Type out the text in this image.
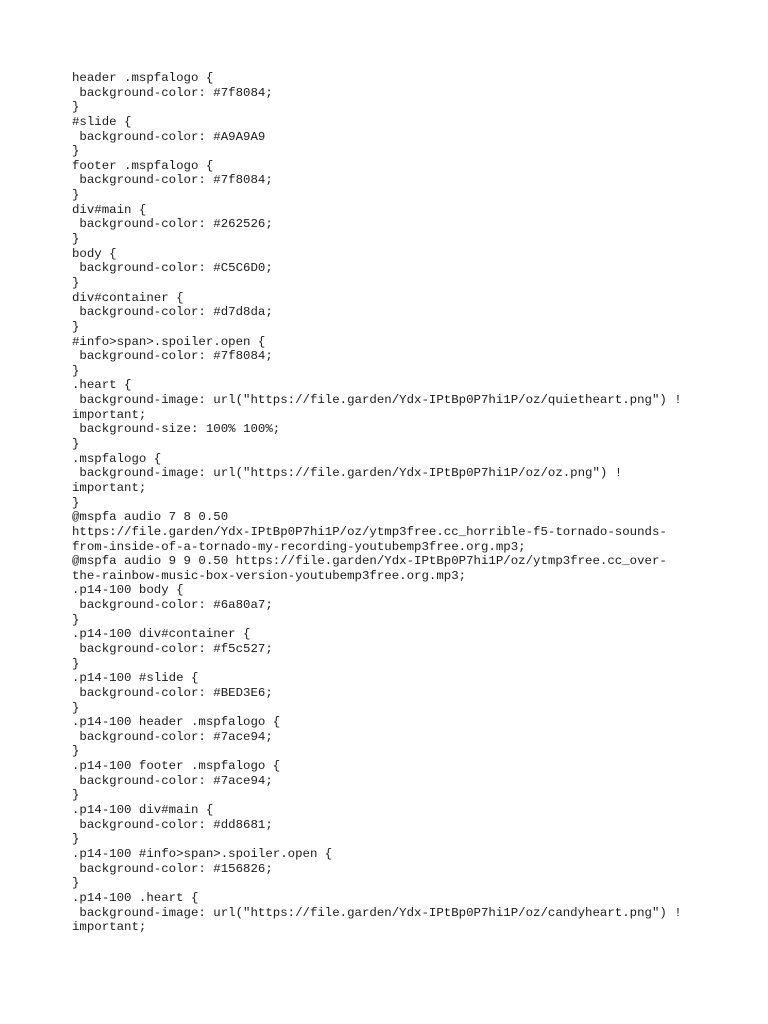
header .mspfalogo {
background-color: #7f8084;
}
#slide {
background-color: #A9A9A9
}
footer .mspfalogo {
background-color: #7f8084;
}
div#main {
background-color: #262526;
}
body {
background-color: #C5C6D0;
}
div#container {
background-color: #d7d8da;
}
#info>span>.spoiler.open {
background-color: #7f8084;
}
.heart {
background-image: url("https://file.garden/Ydx-IPtBp0P7hi1P/oz/quietheart.png") !
important;
background-size: 100% 100%;
}
.mspfalogo {
background-image: url("https://file.garden/Ydx-IPtBp0P7hi1P/oz/oz.png") !
important;
}
@mspfa audio 7 8 0.50
https://file.garden/Ydx-IPtBp0P7hi1P/oz/ytmp3free.cc_horrible-f5-tornado-sounds-
from-inside-of-a-tornado-my-recording-youtubemp3free.org.mp3;
@mspfa audio 9 9 0.50 https://file.garden/Ydx-IPtBp0P7hi1P/oz/ytmp3free.cc_over-
the-rainbow-music-box-version-youtubemp3free.org.mp3;
.p14-100 body {
background-color: #6a80a7;
}
.p14-100 div#container {
background-color: #f5c527;
}
.p14-100 #slide {
background-color: #BED3E6;
}
.p14-100 header .mspfalogo {
background-color: #7ace94;
}
.p14-100 footer .mspfalogo {
background-color: #7ace94;
}
.p14-100 div#main {
background-color: #dd8681;
}
.p14-100 #info>span>.spoiler.open {
background-color: #156826;
}
.p14-100 .heart {
background-image: url("https://file.garden/Ydx-IPtBp0P7hi1P/oz/candyheart.png") !
important;
